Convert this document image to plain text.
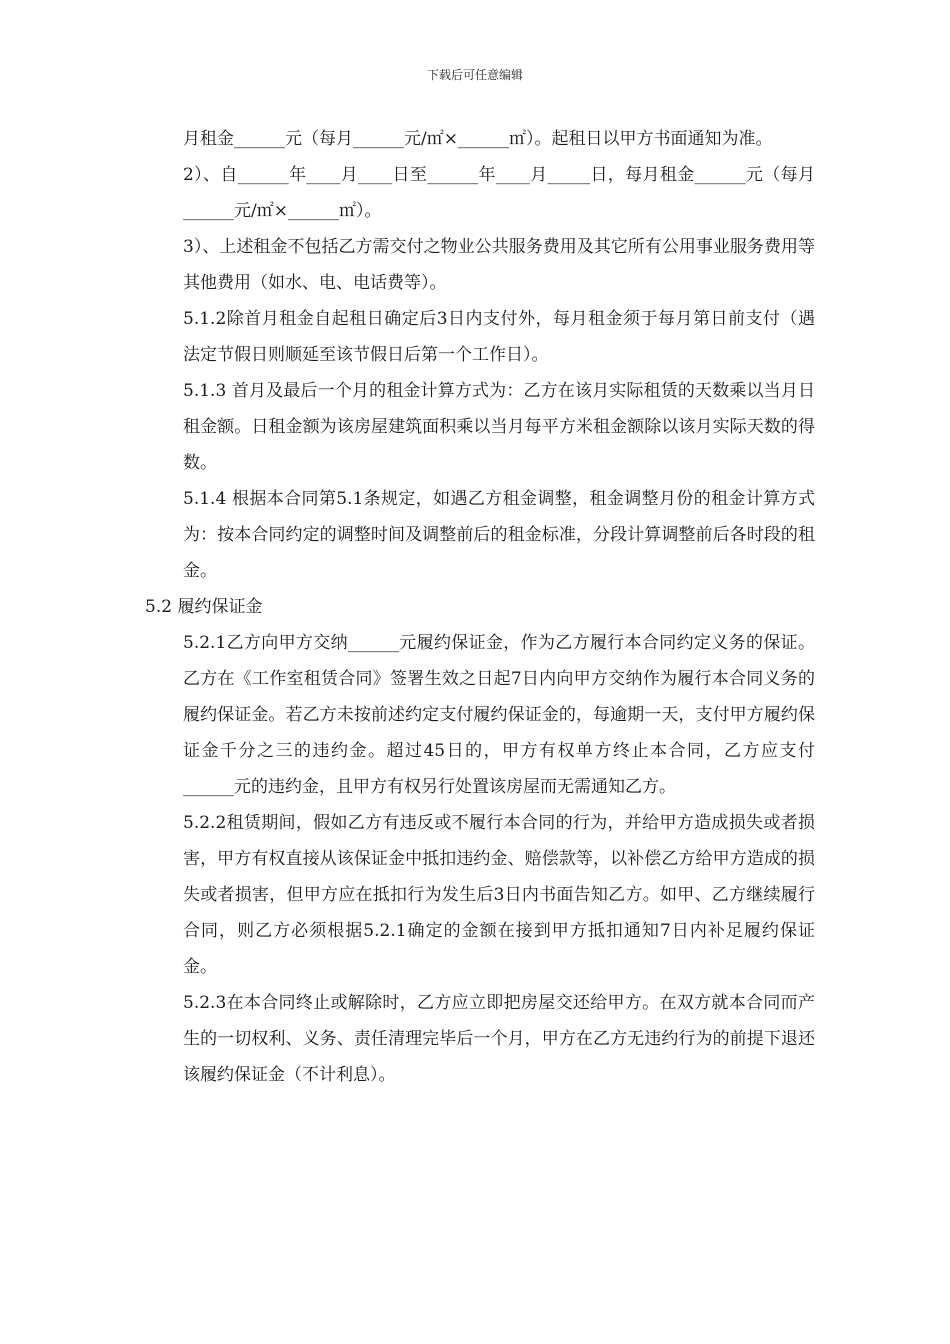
下载后可任意编辑

月租金______元（每月______元/㎡×______㎡）。起租日以甲方书面通知为准。

2）、自______年____月____日至______年____月_____日，每月租金______元（每月______元/㎡×______㎡）。

3）、上述租金不包括乙方需交付之物业公共服务费用及其它所有公用事业服务费用等其他费用（如水、电、电话费等）。

5.1.2除首月租金自起租日确定后3日内支付外，每月租金须于每月第日前支付（遇法定节假日则顺延至该节假日后第一个工作日）。

5.1.3 首月及最后一个月的租金计算方式为：乙方在该月实际租赁的天数乘以当月日租金额。日租金额为该房屋建筑面积乘以当月每平方米租金额除以该月实际天数的得数。

5.1.4 根据本合同第5.1条规定，如遇乙方租金调整，租金调整月份的租金计算方式为：按本合同约定的调整时间及调整前后的租金标准，分段计算调整前后各时段的租金。

5.2 履约保证金

5.2.1乙方向甲方交纳______元履约保证金，作为乙方履行本合同约定义务的保证。乙方在《工作室租赁合同》签署生效之日起7日内向甲方交纳作为履行本合同义务的履约保证金。若乙方未按前述约定支付履约保证金的，每逾期一天，支付甲方履约保证金千分之三的违约金。超过45日的，甲方有权单方终止本合同，乙方应支付______元的违约金，且甲方有权另行处置该房屋而无需通知乙方。

5.2.2租赁期间，假如乙方有违反或不履行本合同的行为，并给甲方造成损失或者损害，甲方有权直接从该保证金中抵扣违约金、赔偿款等，以补偿乙方给甲方造成的损失或者损害，但甲方应在抵扣行为发生后3日内书面告知乙方。如甲、乙方继续履行合同，则乙方必须根据5.2.1确定的金额在接到甲方抵扣通知7日内补足履约保证金。

5.2.3在本合同终止或解除时，乙方应立即把房屋交还给甲方。在双方就本合同而产生的一切权利、义务、责任清理完毕后一个月，甲方在乙方无违约行为的前提下退还该履约保证金（不计利息）。
